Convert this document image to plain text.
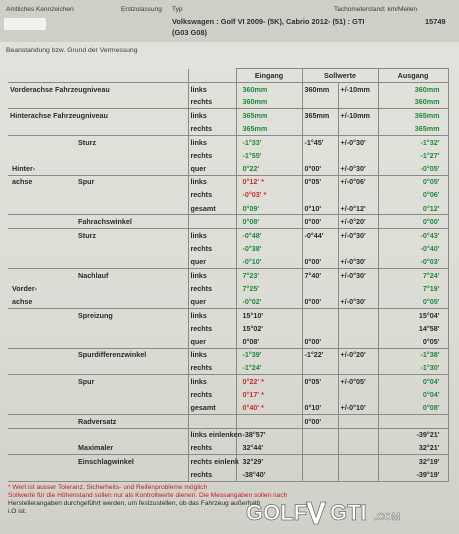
Amtliches Kennzeichen	Erstzulassung Typ	Tachometerstand: km/Meilen
Volkswagen : Golf VI 2009- (5K), Cabrio 2012- (51) : GTI
(G03 G08)
15749
Beanstandung bzw. Grund der Vermessung
			Eingang	Sollwerte		Ausgang
Vorderachse Fahrzeugniveau		links	360mm	360mm	+/-10mm	360mm
		rechts	360mm			360mm
Hinterachse Fahrzeugniveau		links	365mm	365mm	+/-10mm	365mm
		rechts	365mm			365mm
	Sturz	links	-1°33'	-1°45'	+/-0°30'	-1°32'
		rechts	-1°55'			-1°27'
Hinter-		quer	0°22'	0°00'	+/-0°30'	-0°05'
achse	Spur	links	0°12' *	0°05'	+/-0°06'	0°05'
		rechts	-0°03' *			0°06'
		gesamt	0°09'	0°10'	+/-0°12'	0°12'
	Fahrachswinkel		0°08'	0°00'	+/-0°20'	0°00'
	Sturz	links	-0°48'	-0°44'	+/-0°30'	-0°43'
		rechts	-0°38'			-0°40'
		quer	-0°10'	0°00'	+/-0°30'	-0°03'
	Nachlauf	links	7°23'	7°40'	+/-0°30'	7°24'
Vorder-		rechts	7°25'			7°19'
achse		quer	-0°02'	0°00'	+/-0°30'	0°05'
	Spreizung	links	15°10'			15°04'
		rechts	15°02'			14°58'
		quer	0°08'	0°00'		0°05'
	Spurdifferenzwinkel	links	-1°39'	-1°22'	+/-0°20'	-1°38'
		rechts	-1°24'			-1°30'
	Spur	links	0°22' *	0°05'	+/-0°05'	0°04'
		rechts	0°17' *			0°04'
		gesamt	0°40' *	0°10'	+/-0°10'	0°08'
	Radversatz			0°00'		
		links einlenken	-38°57'			-39°21'
	Maximaler	rechts	32°44'			32°21'
	Einschlagwinkel	rechts einlenk	32°29'			32°19'
		rechts	-38°40'			-39°19'
* Wert ist ausser Toleranz. Sicherheits- und Reifenprobleme möglich
Sollwerte für die Höhenstand sollen nur als Kontrollwerte dienen. Die Messangaben sollen nach
Herstellerangaben durchgeführt werden, um festzustellen, ob das Fahrzeug außerhalb
i.O ist.	GOLF GTI .COM
